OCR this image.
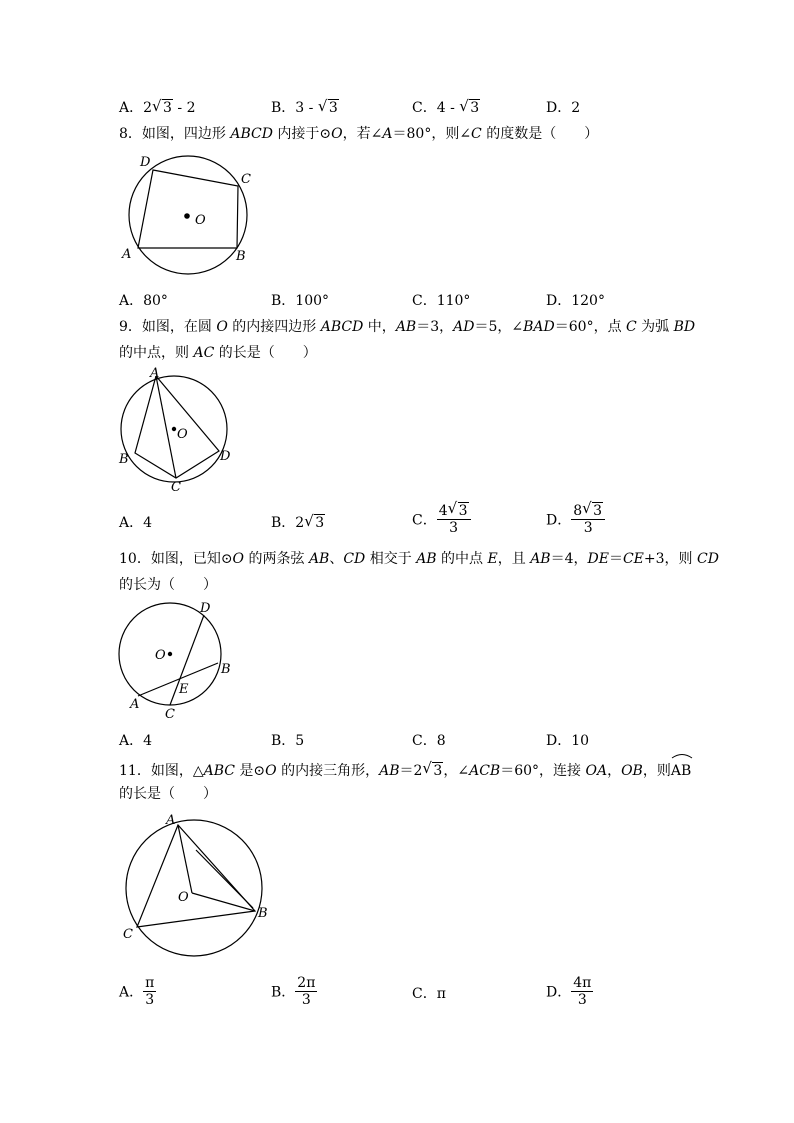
A．2 √ 3 - 2	B．3 - √ 3	C．4 - √ 3	D．2
8．如图，四边形 ABCD 内接于⊙O，若∠A＝80°，则∠C 的度数是（　　）
O
A	B
C
D
A．80°	B．100°	C．110°	D．120°
9．如图，在圆 O 的内接四边形 ABCD 中，AB＝3，AD＝5，∠BAD＝60°，点 C 为弧 BD
的中点，则 AC 的长是（　　）
O
A
B
C
D
A．4	B．2 √ 3	C． $\frac{4 √ 3}{3}$	D． $\frac{8 √ 3}{3}$
10．如图，已知⊙O 的两条弦 AB、CD 相交于 AB 的中点 E，且 AB＝4，DE＝CE+3，则 CD
的长为（　　）
O
A
B
C
D
E
A．4	B．5	C．8	D．10
11．如图，△ABC 是⊙O 的内接三角形，AB＝2 √ 3，∠ACB＝60°，连接 OA，OB，则
AB
的长是（　　）
O
A
B
C
A． $\frac{\pi}{3}$	B． $\frac{2\pi}{3}$	C．π	D． $\frac{4\pi}{3}$
